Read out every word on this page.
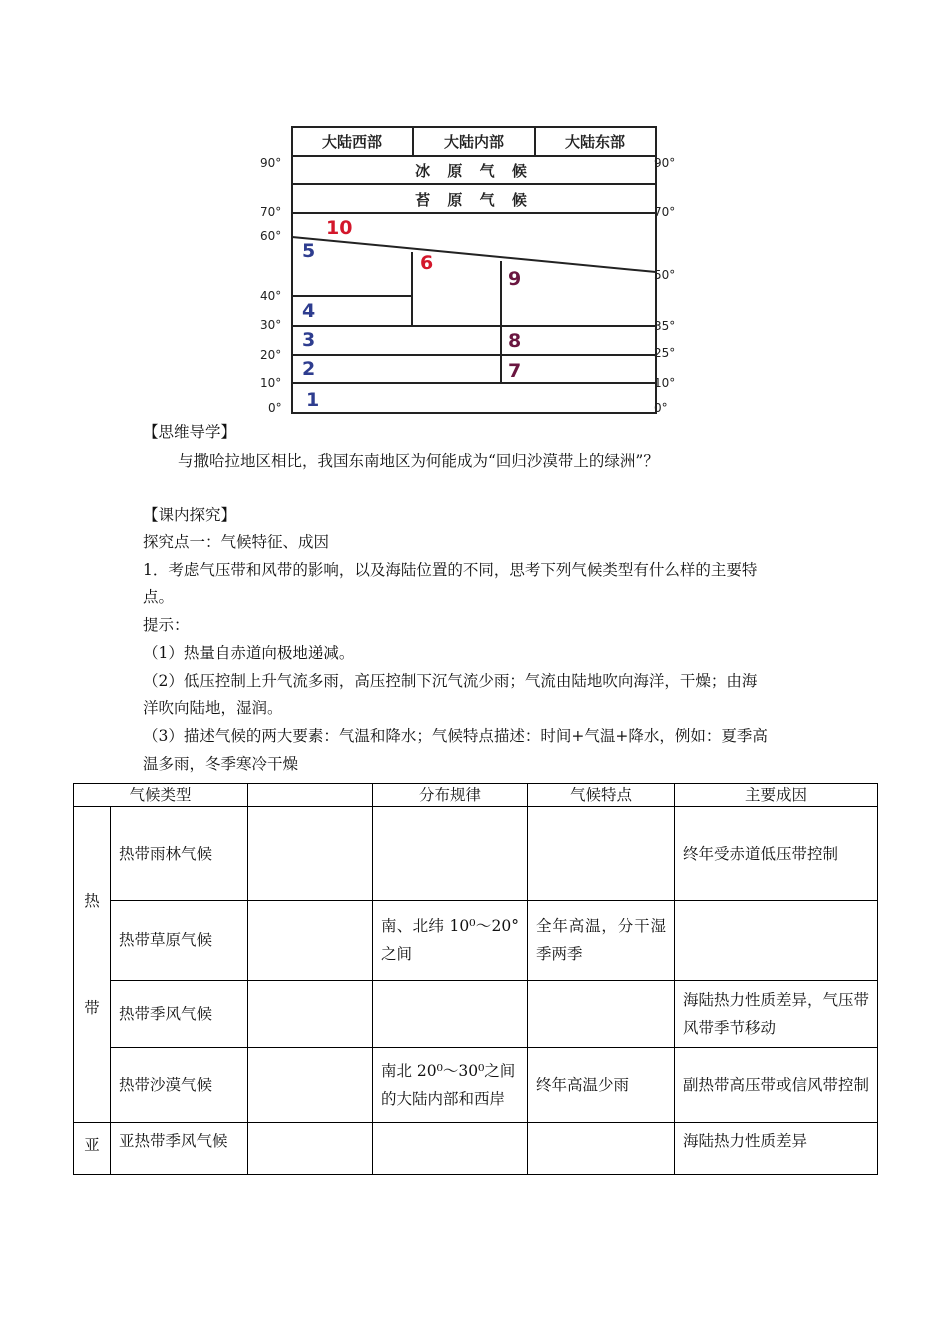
大陆西部	大陆内部	大陆东部
冰 原 气 候
苔 原 气 候
90°
70°
60°
40°
30°
20°
10°
0°
90°
70°
50°
35°
25°
10°
0°
1
2
3
4
5
6
7
8
9
10
【思维导学】
与撒哈拉地区相比，我国东南地区为何能成为“回归沙漠带上的绿洲”？
【课内探究】
探究点一：气候特征、成因
1．考虑气压带和风带的影响，以及海陆位置的不同，思考下列气候类型有什么样的主要特
点。
提示：
（1）热量自赤道向极地递减。
（2）低压控制上升气流多雨，高压控制下沉气流少雨；气流由陆地吹向海洋，干燥；由海
洋吹向陆地，湿润。
（3）描述气候的两大要素：气温和降水；气候特点描述：时间+气温+降水，例如：夏季高
温多雨，冬季寒冷干燥
气候类型			分布规律	气候特点	主要成因

热
带	热带雨林气候				终年受赤道低压带控制
	热带草原气候		南、北纬 10⁰～20°之间	全年高温，分干湿季两季	
	热带季风气候				海陆热力性质差异，气压带风带季节移动
	热带沙漠气候		南北 20⁰～30⁰之间的大陆内部和西岸	终年高温少雨	副热带高压带或信风带控制
亚	亚热带季风气候				海陆热力性质差异
